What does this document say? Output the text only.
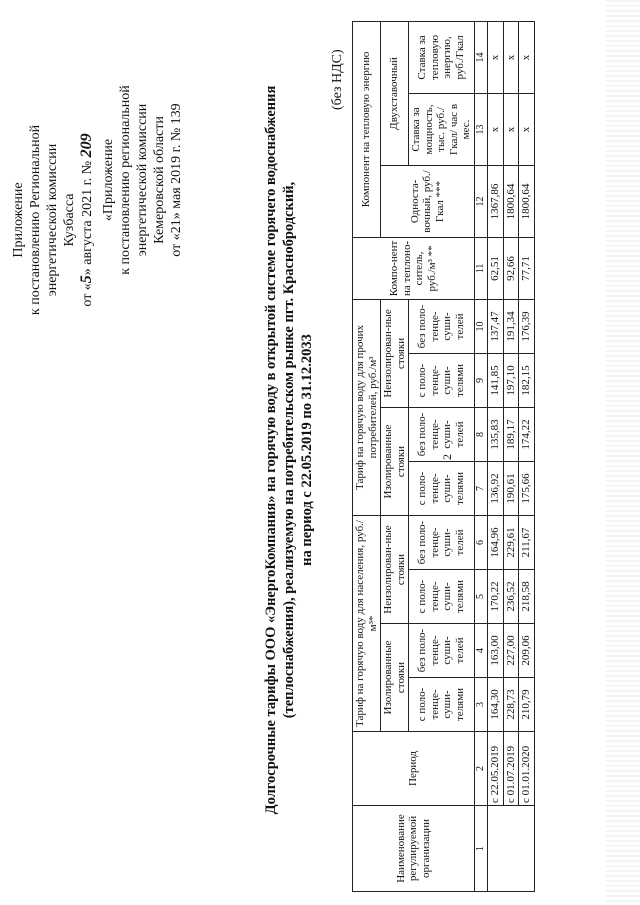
2
Приложение к постановлению Региональной энергетической комиссии Кузбасса
от «5» августа 2021 г. № 209 «Приложение к постановлению региональной энергетической комиссии Кемеровской области от «21» мая 2019 г. № 139	Долгосрочные тарифы ООО «ЭнергоКомпания» на горячую воду в открытой системе горячего водоснабжения (теплоснабжения), реализуемую на потребительском рынке пгт. Краснобродский, на период с 22.05.2019 по 31.12.2033
(без НДС)
Наименование регулируемой организации	Период	Тариф на горячую воду для населения, руб./м³*				Тариф на горячую воду для прочих потребителей, руб./м³				Компо-нент на теплоно-ситель, руб./м³ **	Компонент на тепловую энергию		
		Изолированные стояки		Неизолирован-ные стояки		Изолированные стояки		Неизолирован-ные стояки			Односта-вочный, руб./Гкал ***	Двухставочный	
		с поло-тенце-суши-телями	без поло-тенце-суши-телей	с поло-тенце-суши-телями	без поло-тенце-суши-телей	с поло-тенце-суши-телями	без поло-тенце-суши-телей	с поло-тенце-суши-телями	без поло-тенце-суши-телей			Ставка за мощность, тыс. руб./ Гкал/ час в мес.	Ставка за тепловую энергию, руб./Гкал

1	2	3	4	5	6	7	8	9	10	11	12	13	14
	с 22.05.2019	164,30	163,00	170,22	164,96	136,92	135,83	141,85	137,47	62,51	1367,86	x	x
	с 01.07.2019	228,73	227,00	236,52	229,61	190,61	189,17	197,10	191,34	92,66	1800,64	x	x
	с 01.01.2020	210,79	209,06	218,58	211,67	175,66	174,22	182,15	176,39	77,71	1800,64	x	x
